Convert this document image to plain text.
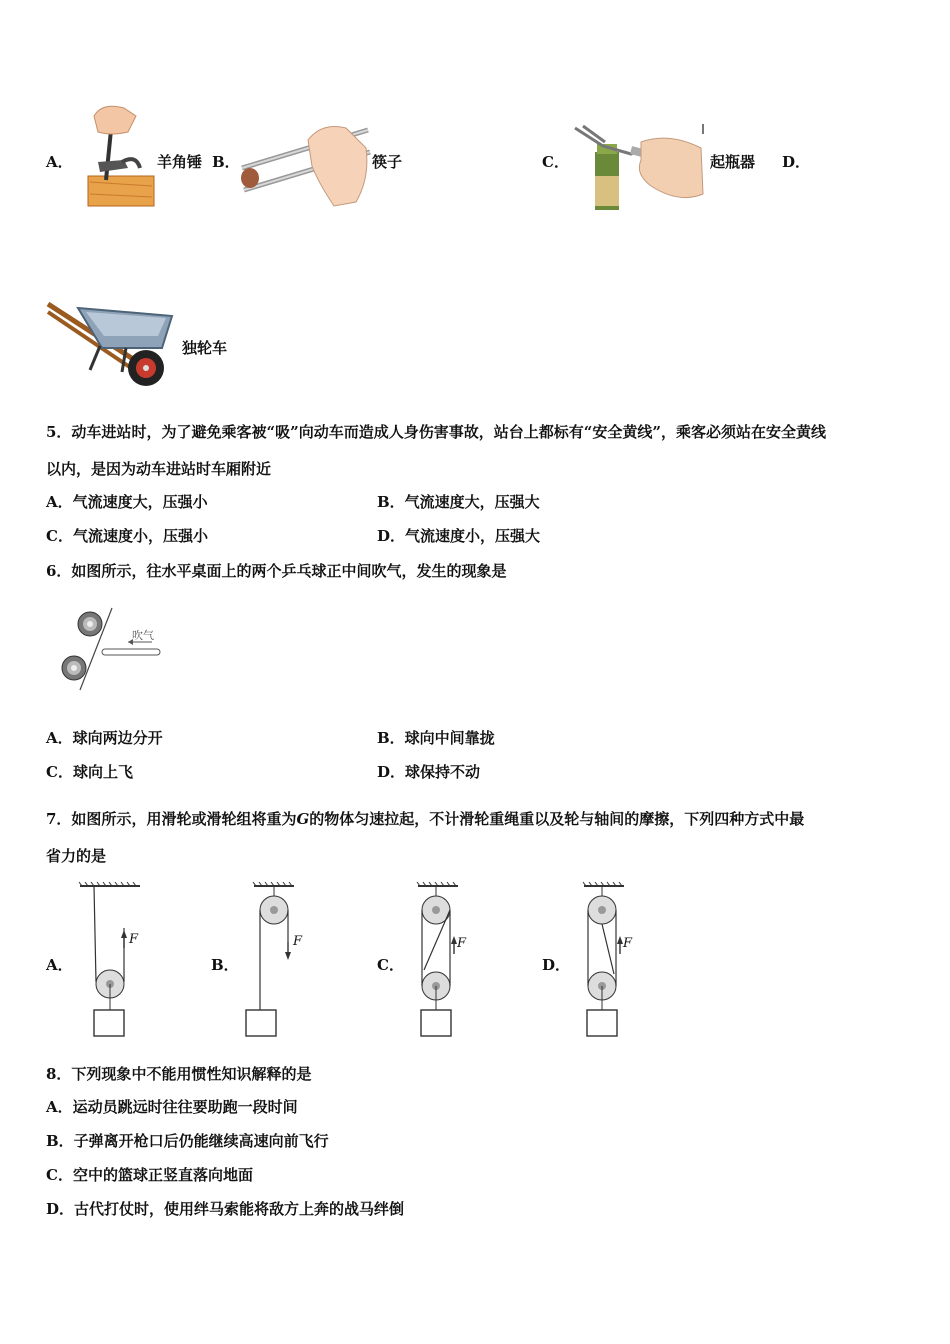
A．	羊角锤 B．	筷子	C．	起瓶器 D．
独轮车
5．动车进站时，为了避免乘客被“吸”向动车而造成人身伤害事故，站台上都标有“安全黄线”，乘客必须站在安全黄线
以内，是因为动车进站时车厢附近
A．气流速度大，压强小	B．气流速度大，压强大
C．气流速度小，压强小	D．气流速度小，压强大
6．如图所示，往水平桌面上的两个乒乓球正中间吹气，发生的现象是
吹气
A．球向两边分开	B．球向中间靠拢
C．球向上飞	D．球保持不动
7．如图所示，用滑轮或滑轮组将重为G的物体匀速拉起，不计滑轮重绳重以及轮与轴间的摩擦，下列四种方式中最
省力的是
A．
F
B．
F
C．
F
D．
F
8．下列现象中不能用惯性知识解释的是
A．运动员跳远时往往要助跑一段时间
B．子弹离开枪口后仍能继续高速向前飞行
C．空中的篮球正竖直落向地面
D．古代打仗时，使用绊马索能将敌方上奔的战马绊倒
